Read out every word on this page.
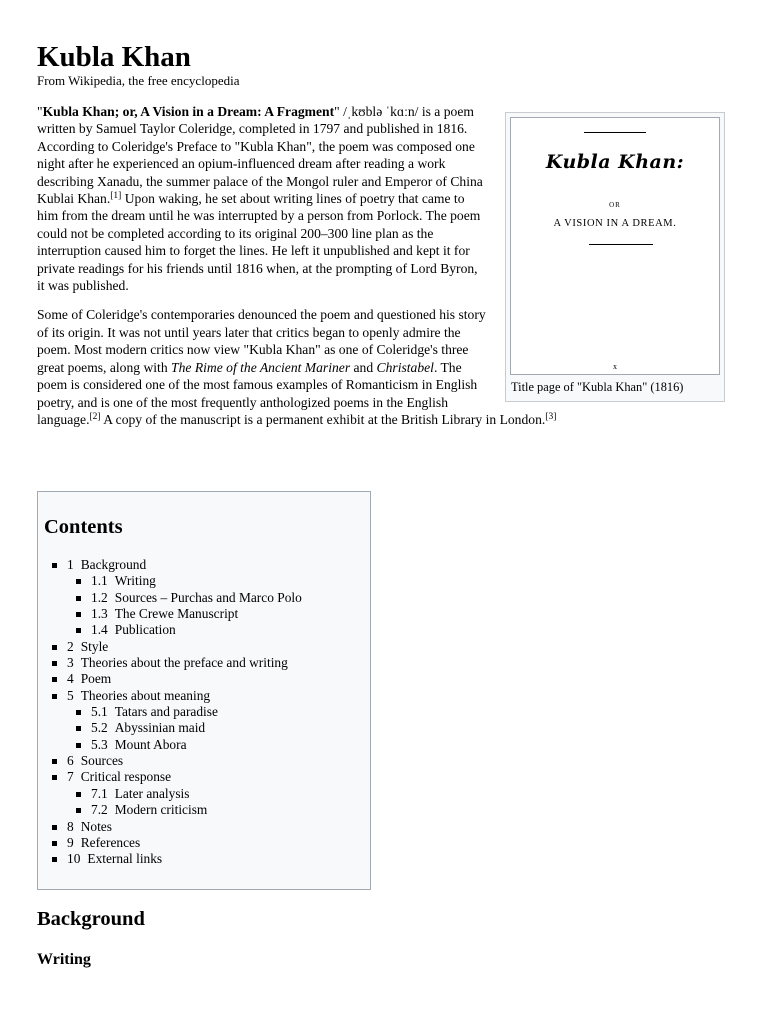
Kubla Khan
From Wikipedia, the free encyclopedia
Kubla Khan:
OR
A VISION IN A DREAM.
x
Title page of "Kubla Khan" (1816)

"Kubla Khan; or, A Vision in a Dream: A Fragment" /ˌkʊblə ˈkɑːn/ is a poem written by Samuel Taylor Coleridge, completed in 1797 and published in 1816. According to Coleridge's Preface to "Kubla Khan", the poem was composed one night after he experienced an opium-influenced dream after reading a work describing Xanadu, the summer palace of the Mongol ruler and Emperor of China Kublai Khan.[1] Upon waking, he set about writing lines of poetry that came to him from the dream until he was interrupted by a person from Porlock. The poem could not be completed according to its original 200–300 line plan as the interruption caused him to forget the lines. He left it unpublished and kept it for private readings for his friends until 1816 when, at the prompting of Lord Byron, it was published.

Some of Coleridge's contemporaries denounced the poem and questioned his story of its origin. It was not until years later that critics began to openly admire the poem. Most modern critics now view "Kubla Khan" as one of Coleridge's three great poems, along with The Rime of the Ancient Mariner and Christabel. The poem is considered one of the most famous examples of Romanticism in English poetry, and is one of the most frequently anthologized poems in the English language.[2] A copy of the manuscript is a permanent exhibit at the British Library in London.[3]

Contents
1 Background
1.1 Writing
1.2 Sources – Purchas and Marco Polo
1.3 The Crewe Manuscript
1.4 Publication
2 Style
3 Theories about the preface and writing
4 Poem
5 Theories about meaning
5.1 Tatars and paradise
5.2 Abyssinian maid
5.3 Mount Abora
6 Sources
7 Critical response
7.1 Later analysis
7.2 Modern criticism
8 Notes
9 References
10 External links
Background
Writing
